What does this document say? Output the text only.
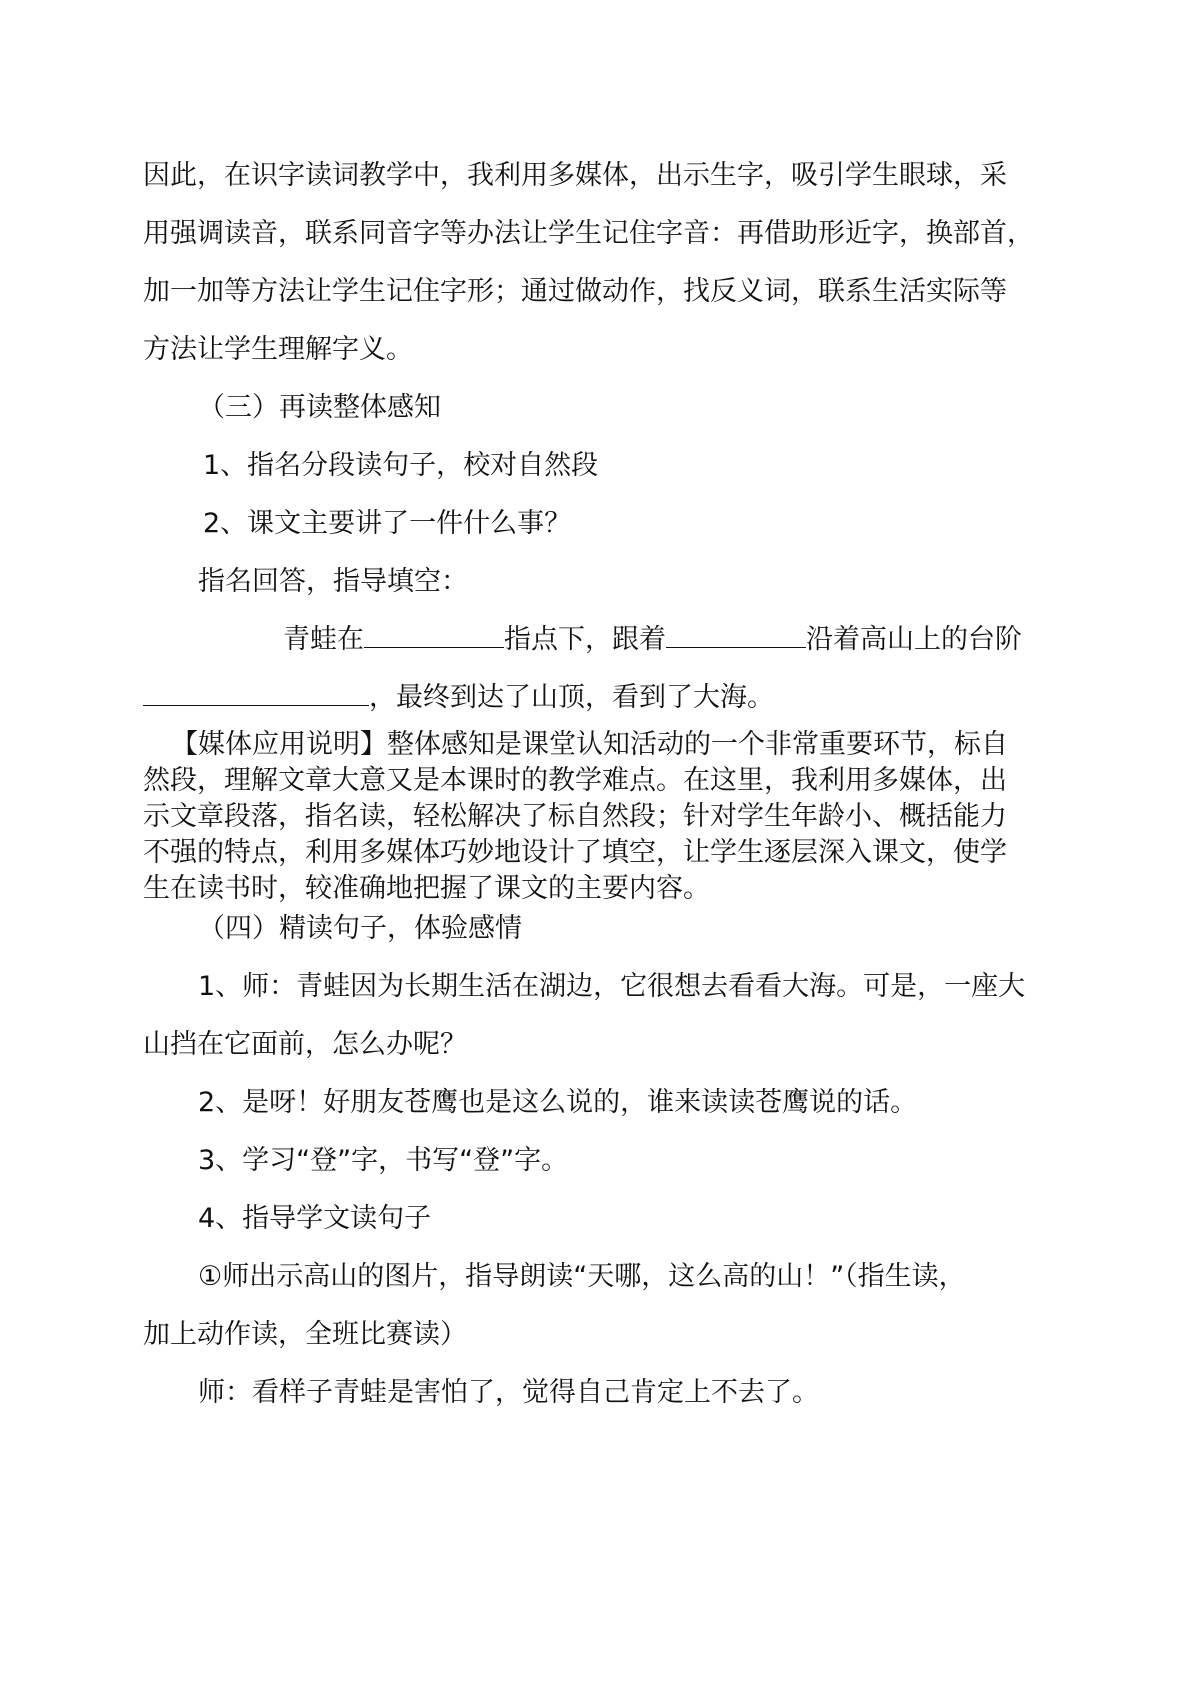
因此，在识字读词教学中，我利用多媒体，出示生字，吸引学生眼球，采

用强调读音，联系同音字等办法让学生记住字音：再借助形近字，换部首，

加一加等方法让学生记住字形；通过做动作，找反义词，联系生活实际等

方法让学生理解字义。

（三）再读整体感知

1、指名分段读句子，校对自然段

2、课文主要讲了一件什么事？

指名回答，指导填空：

青蛙在	指点下，跟着	沿着高山上的台阶

，最终到达了山顶，看到了大海。

【媒体应用说明】整体感知是课堂认知活动的一个非常重要环节，标自

然段，理解文章大意又是本课时的教学难点。在这里，我利用多媒体，出

示文章段落，指名读，轻松解决了标自然段；针对学生年龄小、概括能力

不强的特点，利用多媒体巧妙地设计了填空，让学生逐层深入课文，使学

生在读书时，较准确地把握了课文的主要内容。

（四）精读句子，体验感情

1、师：青蛙因为长期生活在湖边，它很想去看看大海。可是，一座大

山挡在它面前，怎么办呢？

2、是呀！好朋友苍鹰也是这么说的，谁来读读苍鹰说的话。

3、学习“登”字，书写“登”字。

4、指导学文读句子

①师出示高山的图片，指导朗读“天哪，这么高的山！”（指生读，

加上动作读，全班比赛读）

师：看样子青蛙是害怕了，觉得自己肯定上不去了。
